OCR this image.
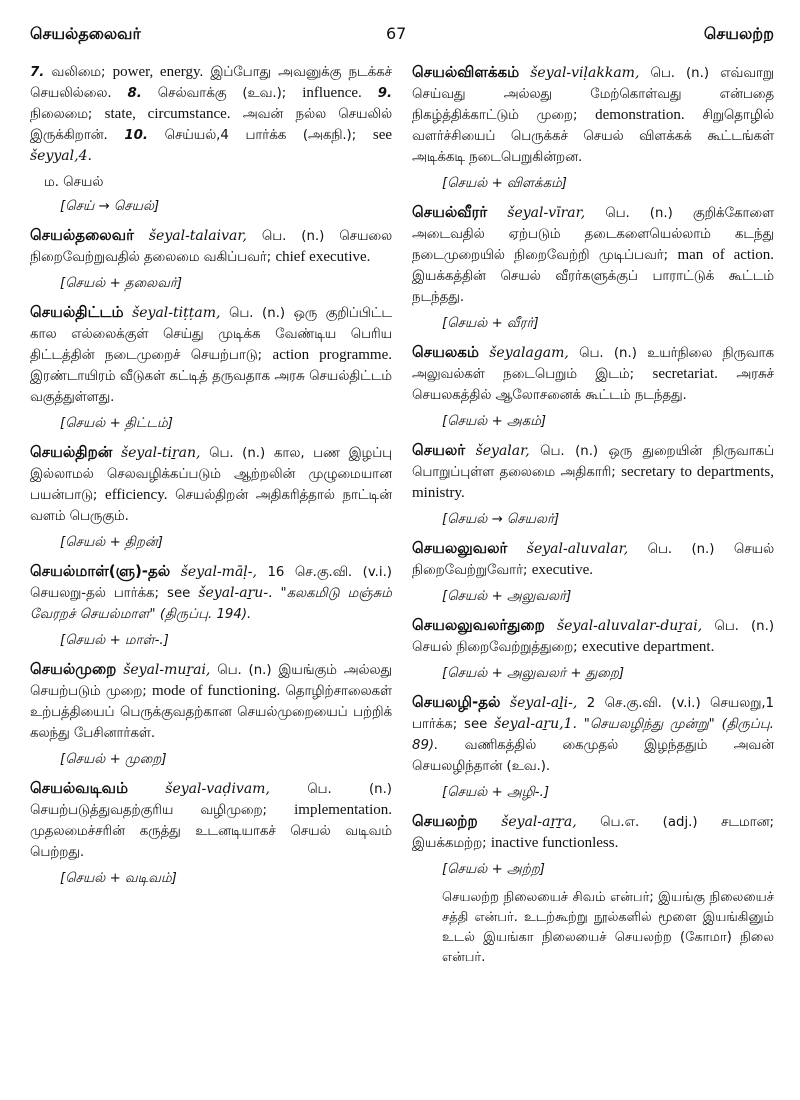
செயல்தலைவர்	67	செயலற்ற

7. வலிமை; power, energy. இப்போது அவனுக்கு நடக்கச் செயலில்லை. 8. செல்வாக்கு (உவ.); influence. 9. நிலைமை; state, circumstance. அவன் நல்ல செயலில் இருக்கிறான். 10. செய்யல்,4 பார்க்க (அகநி.); see šeyyal,4.

ம. செயல்
[செய் → செயல்]

செயல்தலைவர் šeyal-talaivar, பெ. (n.) செயலை நிறைவேற்றுவதில் தலைமை வகிப்பவர்; chief executive.

[செயல் + தலைவர்]

செயல்திட்டம் šeyal-tiṭṭam, பெ. (n.) ஒரு குறிப்பிட்ட கால எல்லைக்குள் செய்து முடிக்க வேண்டிய பெரிய திட்டத்தின் நடைமுறைச் செயற்பாடு; action programme. இரண்டாயிரம் வீடுகள் கட்டித் தருவதாக அரசு செயல்திட்டம் வகுத்துள்ளது.

[செயல் + திட்டம்]

செயல்திறன் šeyal-tiṟan, பெ. (n.) கால, பண இழப்பு இல்லாமல் செலவழிக்கப்படும் ஆற்றலின் முழுமையான பயன்பாடு; efficiency. செயல்திறன் அதிகரித்தால் நாட்டின் வளம் பெருகும்.

[செயல் + திறன்]

செயல்மாள்(ளு)-தல் šeyal-māḷ-, 16 செ.கு.வி. (v.i.) செயலறு-தல் பார்க்க; see šeyal-aṟu-. "கலகமிடு மஞ்சும் வேரறச் செயல்மாள" (திருப்பு. 194).

[செயல் + மாள்-.]

செயல்முறை šeyal-muṟai, பெ. (n.) இயங்கும் அல்லது செயற்படும் முறை; mode of functioning. தொழிற்சாலைகள் உற்பத்தியைப் பெருக்குவதற்கான செயல்முறையைப் பற்றிக் கலந்து பேசினார்கள்.

[செயல் + முறை]

செயல்வடிவம்	šeyal-vaḍivam,	பெ. (n.) செயற்படுத்துவதற்குரிய வழிமுறை; implementation. முதலமைச்சரின் கருத்து உடனடியாகச் செயல் வடிவம் பெற்றது.

[செயல் + வடிவம்]

செயல்விளக்கம் šeyal-viḷakkam, பெ. (n.) எவ்வாறு செய்வது அல்லது மேற்கொள்வது என்பதை நிகழ்த்திக்காட்டும் முறை; demonstration. சிறுதொழில் வளர்ச்சியைப் பெருக்கச் செயல் விளக்கக் கூட்டங்கள் அடிக்கடி நடைபெறுகின்றன.

[செயல் + விளக்கம்]

செயல்வீரர் šeyal-vīrar, பெ. (n.) குறிக்கோளை அடைவதில் ஏற்படும் தடைகளையெல்லாம் கடந்து நடைமுறையில் நிறைவேற்றி முடிப்பவர்; man of action. இயக்கத்தின் செயல் வீரர்களுக்குப் பாராட்டுக் கூட்டம் நடந்தது.

[செயல் + வீரர்]

செயலகம் šeyalagam, பெ. (n.) உயர்நிலை நிருவாக அலுவல்கள் நடைபெறும் இடம்; secretariat. அரசுச் செயலகத்தில் ஆலோசனைக் கூட்டம் நடந்தது.

[செயல் + அகம்]

செயலர் šeyalar, பெ. (n.) ஒரு துறையின் நிருவாகப் பொறுப்புள்ள தலைமை அதிகாரி; secretary to departments, ministry.

[செயல் → செயலர்]

செயலலுவலர் šeyal-aluvalar, பெ. (n.) செயல் நிறைவேற்றுவோர்; executive.

[செயல் + அலுவலர்]

செயலலுவலர்துறை šeyal-aluvalar-duṟai, பெ. (n.) செயல் நிறைவேற்றுத்துறை; executive department.

[செயல் + அலுவலர் + துறை]

செயலழி-தல் šeyal-aḻi-, 2 செ.கு.வி. (v.i.) செயலறு,1 பார்க்க; see šeyal-aṟu,1. "செயலழிந்து முன்று" (திருப்பு. 89). வணிகத்தில் கைமுதல் இழந்ததும் அவன் செயலழிந்தான் (உவ.).

[செயல் + அழி-.]

செயலற்ற šeyal-aṟṟa, பெ.எ. (adj.) சடமான; இயக்கமற்ற; inactive functionless.

[செயல் + அற்ற]

செயலற்ற நிலையைச் சிவம் என்பர்; இயங்கு நிலையைச் சத்தி என்பர். உடற்கூற்று நூல்களில் மூளை இயங்கினும் உடல் இயங்கா நிலையைச் செயலற்ற (கோமா) நிலை என்பர்.
